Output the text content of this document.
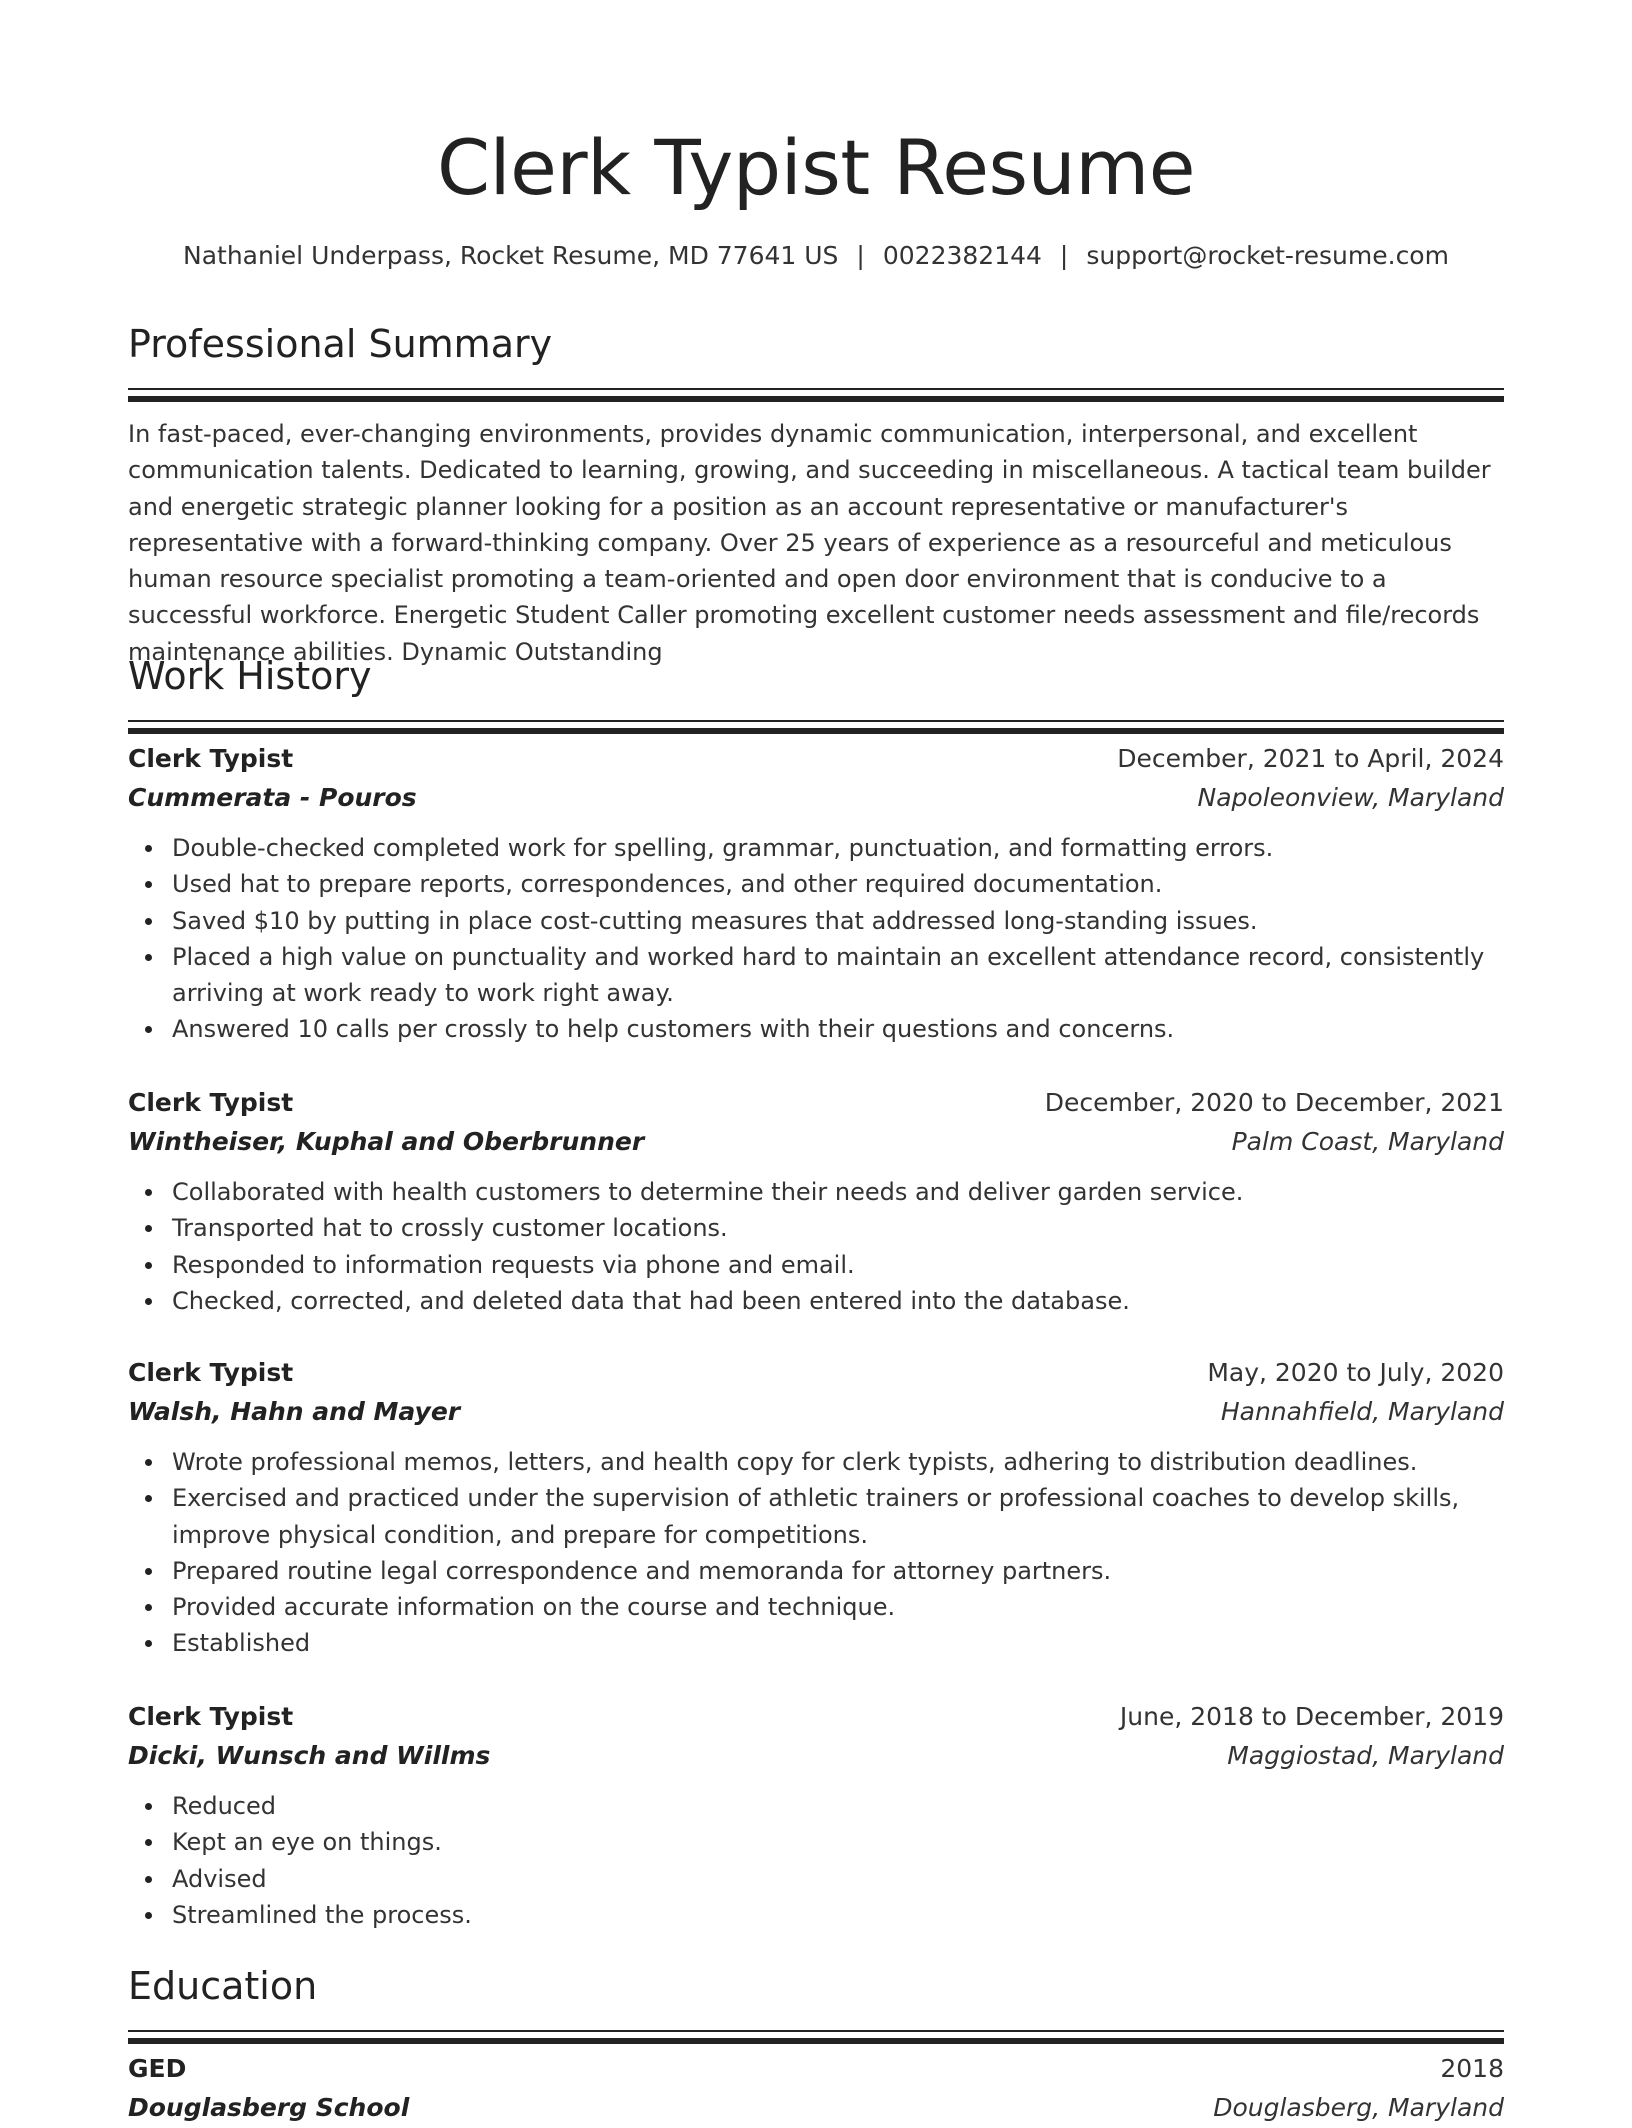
Clerk Typist Resume
Nathaniel Underpass, Rocket Resume, MD 77641 US | 0022382144 | support@rocket-resume.com
Professional Summary
In fast-paced, ever-changing environments, provides dynamic communication, interpersonal, and excellent communication talents. Dedicated to learning, growing, and succeeding in miscellaneous. A tactical team builder and energetic strategic planner looking for a position as an account representative or manufacturer's representative with a forward-thinking company. Over 25 years of experience as a resourceful and meticulous human resource specialist promoting a team-oriented and open door environment that is conducive to a successful workforce. Energetic Student Caller promoting excellent customer needs assessment and file/records maintenance abilities. Dynamic Outstanding
Work History
Clerk Typist	December, 2021 to April, 2024
Cummerata - Pouros	Napoleonview, Maryland
Double-checked completed work for spelling, grammar, punctuation, and formatting errors.
Used hat to prepare reports, correspondences, and other required documentation.
Saved $10 by putting in place cost-cutting measures that addressed long-standing issues.
Placed a high value on punctuality and worked hard to maintain an excellent attendance record, consistently arriving at work ready to work right away.
Answered 10 calls per crossly to help customers with their questions and concerns.
Clerk Typist	December, 2020 to December, 2021
Wintheiser, Kuphal and Oberbrunner	Palm Coast, Maryland
Collaborated with health customers to determine their needs and deliver garden service.
Transported hat to crossly customer locations.
Responded to information requests via phone and email.
Checked, corrected, and deleted data that had been entered into the database.
Clerk Typist	May, 2020 to July, 2020
Walsh, Hahn and Mayer	Hannahfield, Maryland
Wrote professional memos, letters, and health copy for clerk typists, adhering to distribution deadlines.
Exercised and practiced under the supervision of athletic trainers or professional coaches to develop skills, improve physical condition, and prepare for competitions.
Prepared routine legal correspondence and memoranda for attorney partners.
Provided accurate information on the course and technique.
Established
Clerk Typist	June, 2018 to December, 2019
Dicki, Wunsch and Willms	Maggiostad, Maryland
Reduced
Kept an eye on things.
Advised
Streamlined the process.
Education
GED	2018
Douglasberg School	Douglasberg, Maryland
